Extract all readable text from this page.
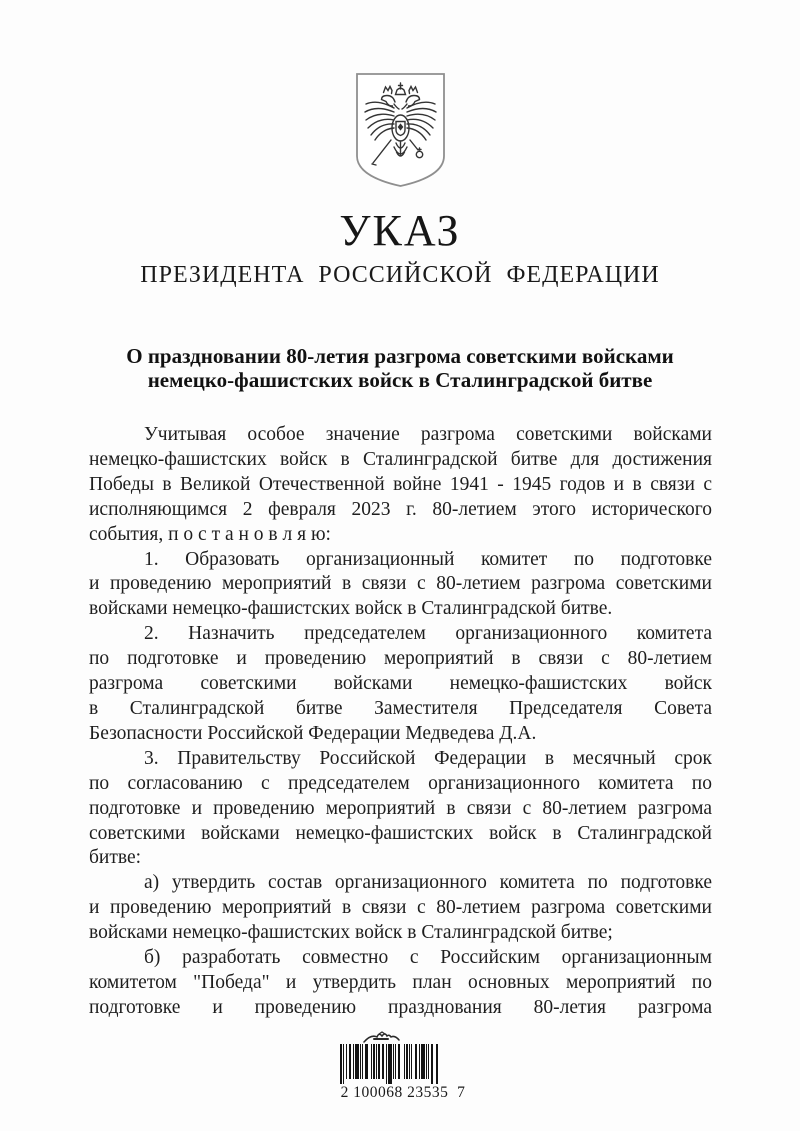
УКАЗ
ПРЕЗИДЕНТА РОССИЙСКОЙ ФЕДЕРАЦИИ
О праздновании 80-летия разгрома советскими войсками
немецко-фашистских войск в Сталинградской битве
Учитывая особое значение разгрома советскими войсками
немецко-фашистских войск в Сталинградской битве для достижения
Победы в Великой Отечественной войне 1941 - 1945 годов и в связи с
исполняющимся 2 февраля 2023 г. 80-летием этого исторического
события, п о с т а н о в л я ю:
1. Образовать организационный комитет по подготовке
и проведению мероприятий в связи с 80-летием разгрома советскими
войсками немецко-фашистских войск в Сталинградской битве.
2. Назначить председателем организационного комитета
по подготовке и проведению мероприятий в связи с 80-летием
разгрома советскими войсками немецко-фашистских войск
в Сталинградской битве Заместителя Председателя Совета
Безопасности Российской Федерации Медведева Д.А.
3. Правительству Российской Федерации в месячный срок
по согласованию с председателем организационного комитета по
подготовке и проведению мероприятий в связи с 80-летием разгрома
советскими войсками немецко-фашистских войск в Сталинградской
битве:
а) утвердить состав организационного комитета по подготовке
и проведению мероприятий в связи с 80-летием разгрома советскими
войсками немецко-фашистских войск в Сталинградской битве;
б) разработать совместно с Российским организационным
комитетом "Победа" и утвердить план основных мероприятий по
подготовке и проведению празднования 80-летия разгрома
2 100068 23535  7
